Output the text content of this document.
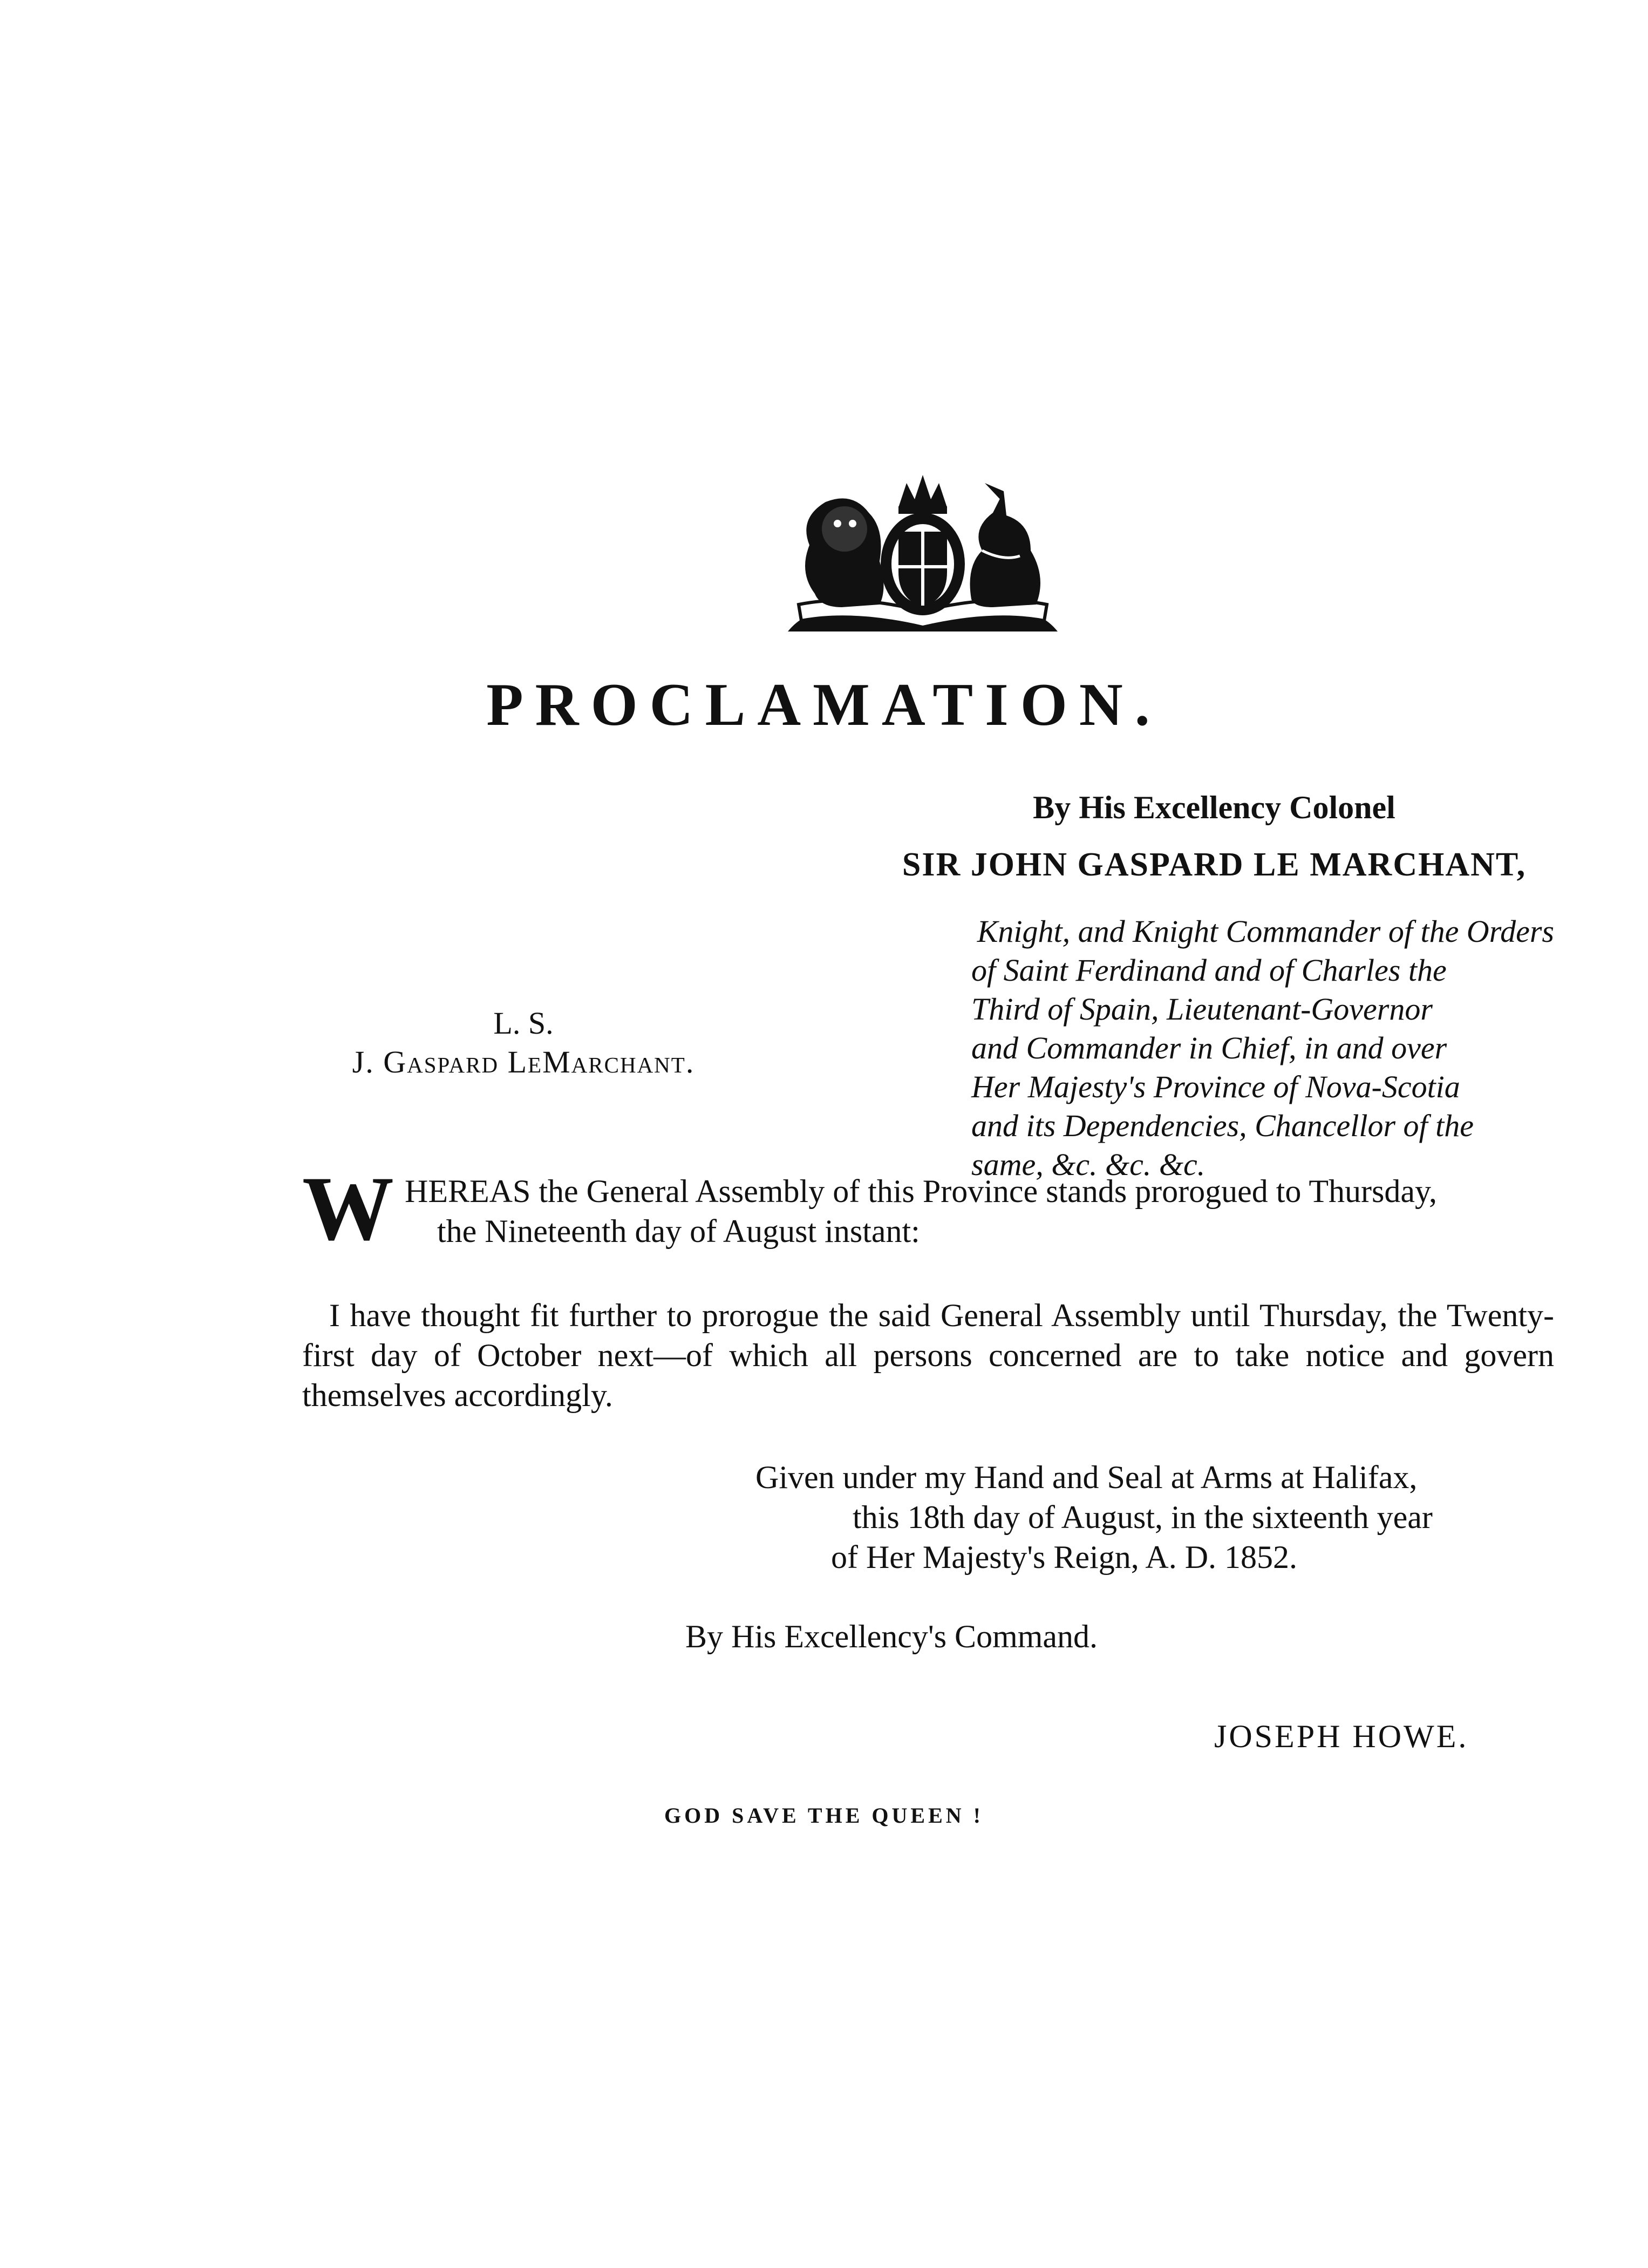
PROCLAMATION.
By His Excellency Colonel
SIR JOHN GASPARD LE MARCHANT,
Knight, and Knight Commander of the Orders
of Saint Ferdinand and of Charles the
Third of Spain, Lieutenant-Governor
and Commander in Chief, in and over
Her Majesty's Province of Nova-Scotia
and its Dependencies, Chancellor of the
same, &c. &c. &c.
L. S.
J. Gaspard LeMarchant.
W HEREAS the General Assembly of this Province stands prorogued to Thursday,
the Nineteenth day of August instant:
I have thought fit further to prorogue the said General Assembly until Thursday, the Twenty-first day of October next—of which all persons concerned are to take notice and govern themselves accordingly.
Given under my Hand and Seal at Arms at Halifax,
this 18th day of August, in the sixteenth year
of Her Majesty's Reign, A. D. 1852.
By His Excellency's Command.
JOSEPH HOWE.
GOD SAVE THE QUEEN !
